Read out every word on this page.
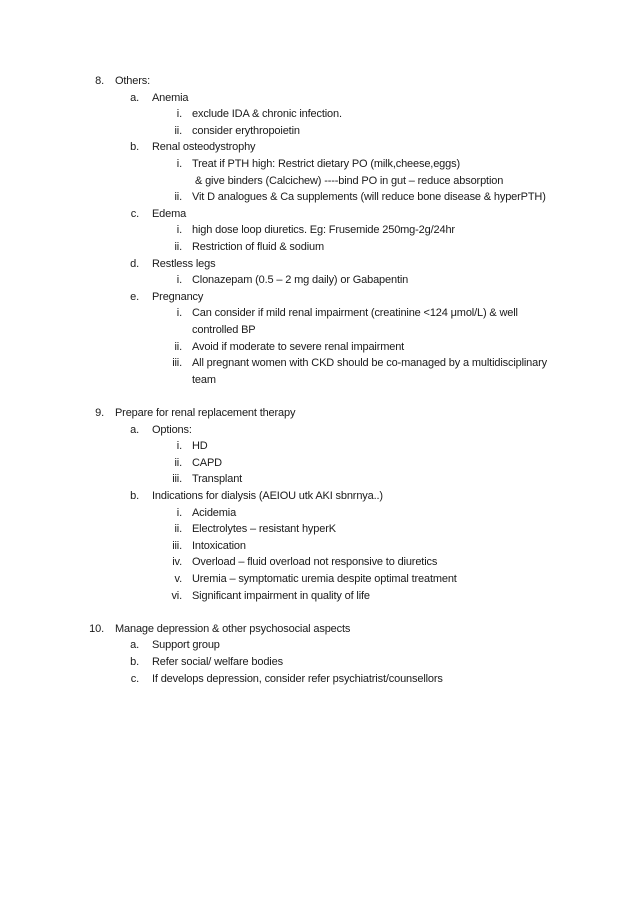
8. Others:
a. Anemia
i. exclude IDA & chronic infection.
ii. consider erythropoietin
b. Renal osteodystrophy
i. Treat if PTH high: Restrict dietary PO (milk,cheese,eggs)
& give binders (Calcichew) ----bind PO in gut – reduce absorption
ii. Vit D analogues & Ca supplements (will reduce bone disease & hyperPTH)
c. Edema
i. high dose loop diuretics. Eg: Frusemide 250mg-2g/24hr
ii. Restriction of fluid & sodium
d. Restless legs
i. Clonazepam (0.5 – 2 mg daily) or Gabapentin
e. Pregnancy
i. Can consider if mild renal impairment (creatinine <124 μmol/L) & well
controlled BP
ii. Avoid if moderate to severe renal impairment
iii. All pregnant women with CKD should be co-managed by a multidisciplinary
team
9. Prepare for renal replacement therapy
a. Options:
i. HD
ii. CAPD
iii. Transplant
b. Indications for dialysis (AEIOU utk AKI sbnrnya..)
i. Acidemia
ii. Electrolytes – resistant hyperK
iii. Intoxication
iv. Overload – fluid overload not responsive to diuretics
v. Uremia – symptomatic uremia despite optimal treatment
vi. Significant impairment in quality of life
10. Manage depression & other psychosocial aspects
a. Support group
b. Refer social/ welfare bodies
c. If develops depression, consider refer psychiatrist/counsellors
